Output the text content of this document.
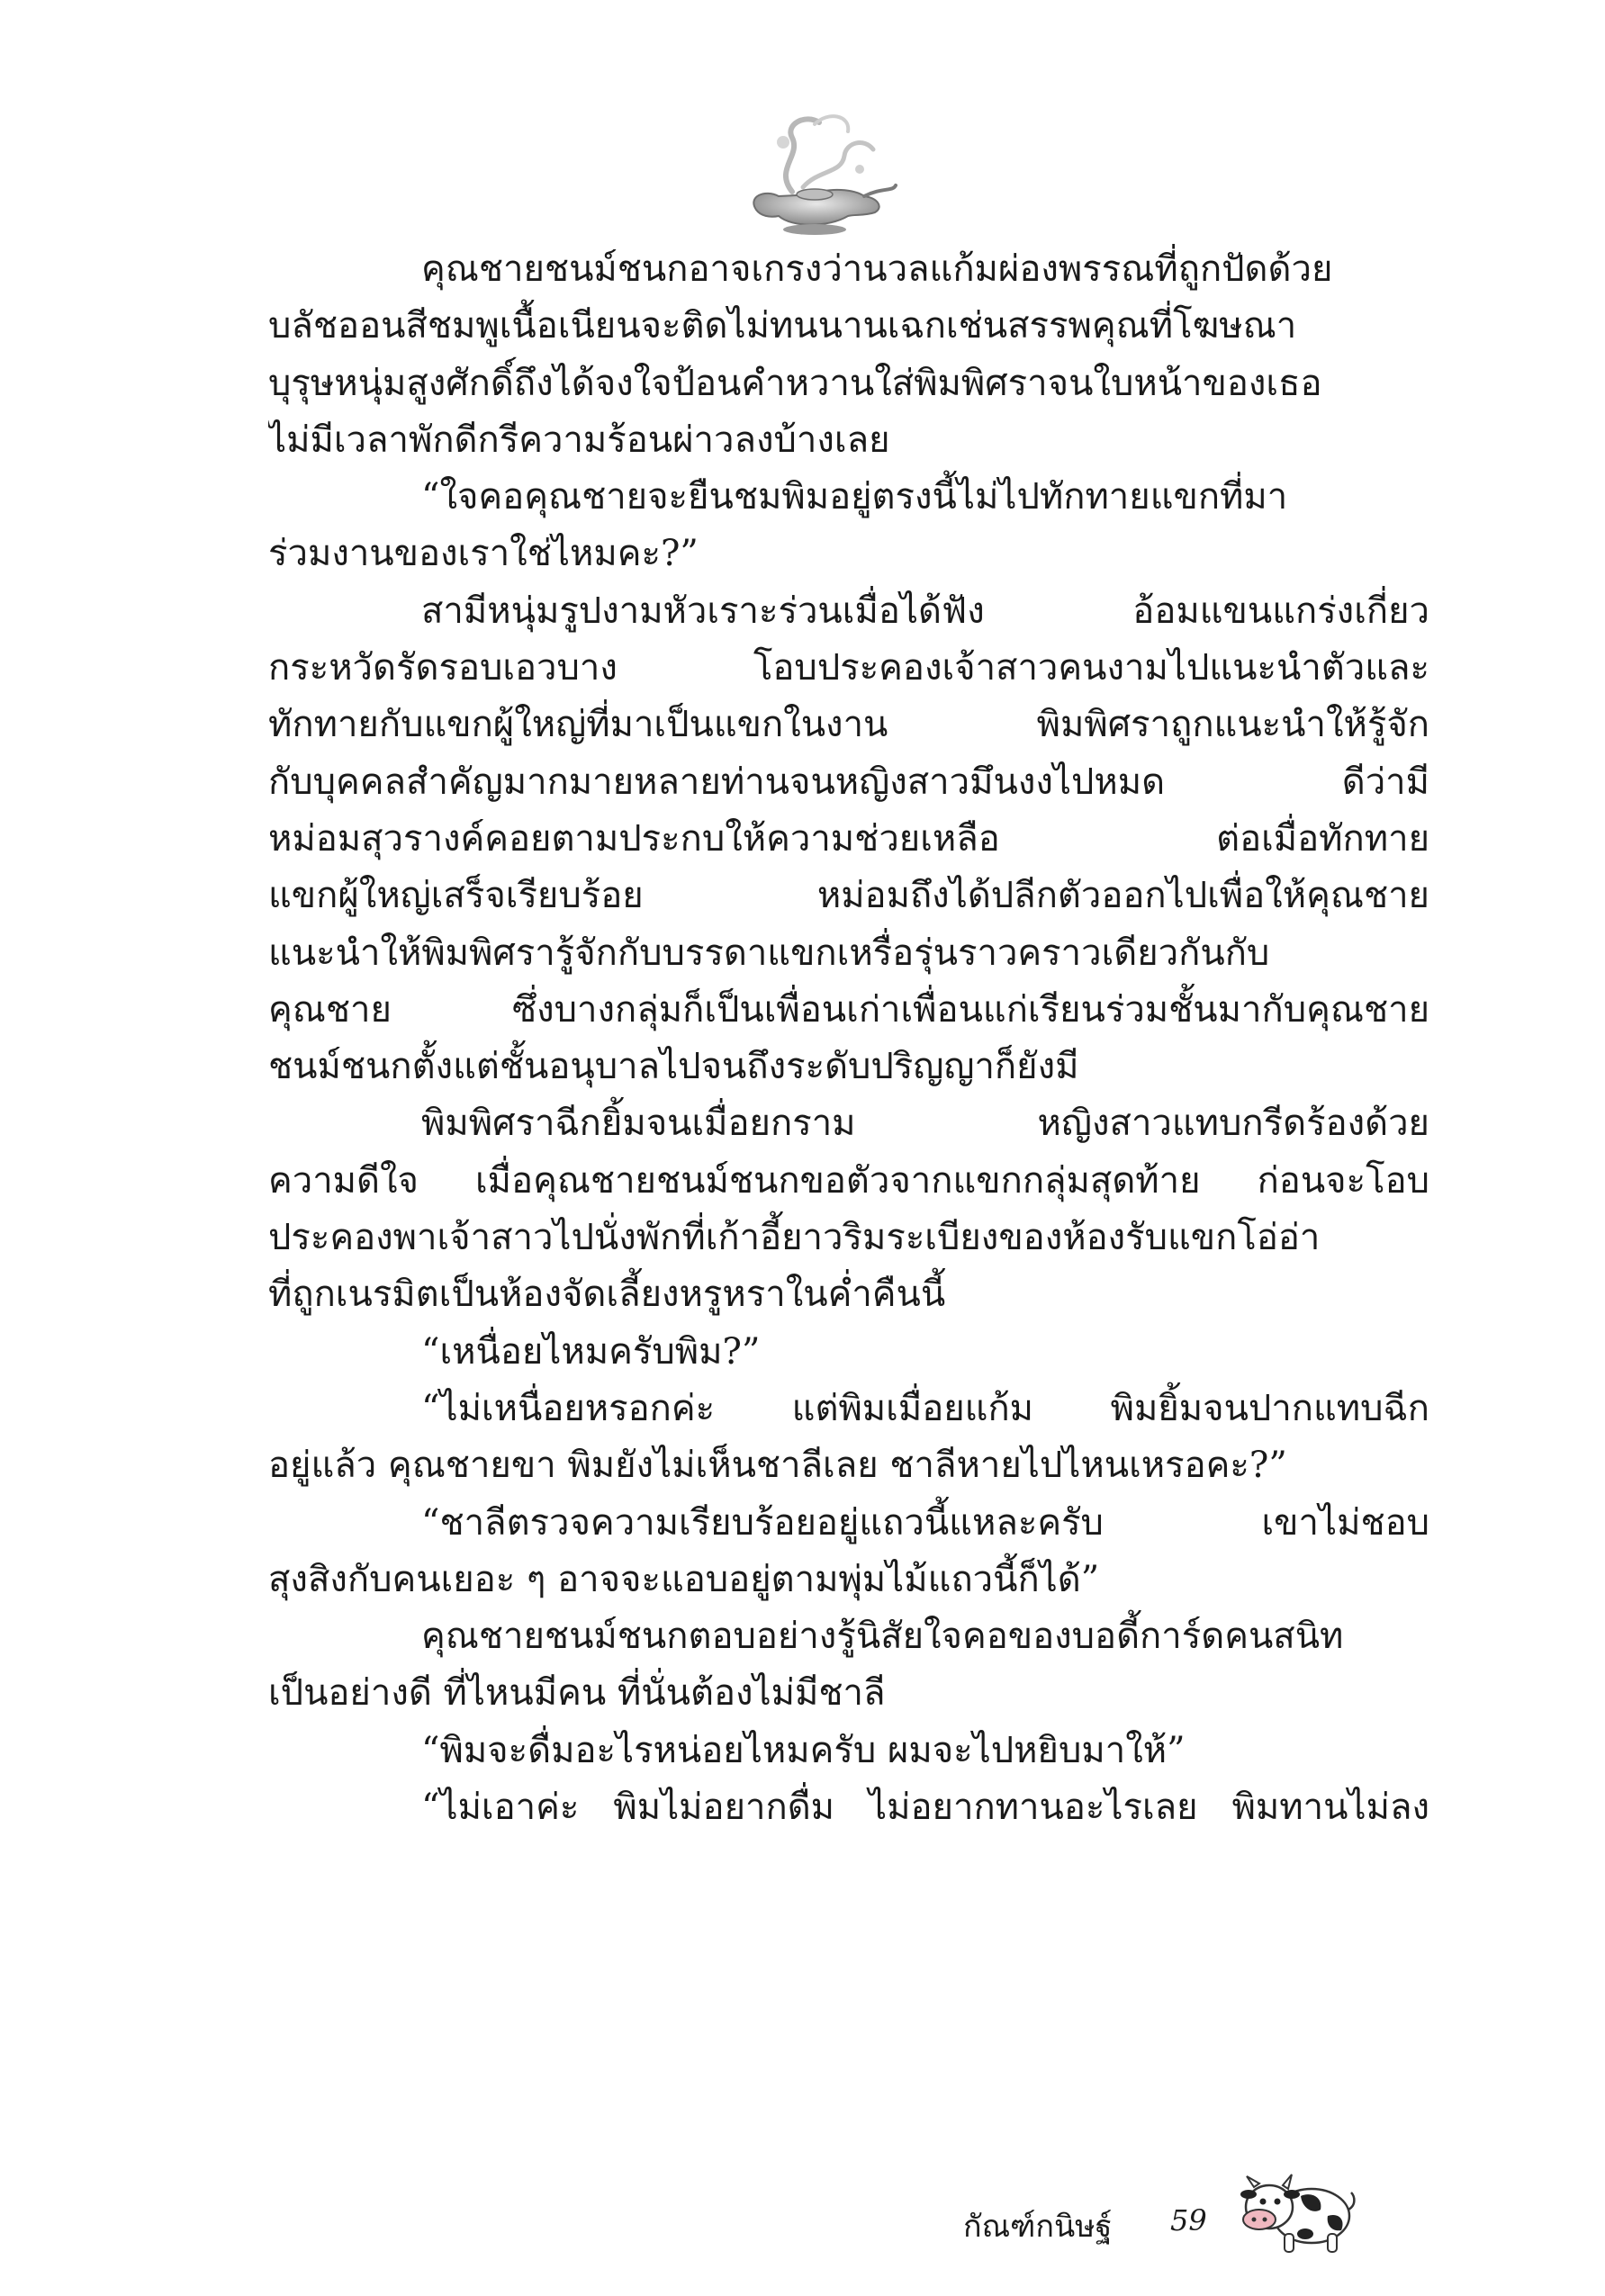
คุณชายชนม์ชนกอาจเกรงว่านวลแก้มผ่องพรรณที่ถูกปัดด้วย
บลัชออนสีชมพูเนื้อเนียนจะติดไม่ทนนานเฉกเช่นสรรพคุณที่โฆษณา
บุรุษหนุ่มสูงศักดิ์ถึงได้จงใจป้อนคำหวานใส่พิมพิศราจนใบหน้าของเธอ
ไม่มีเวลาพักดีกรีความร้อนผ่าวลงบ้างเลย
“ใจคอคุณชายจะยืนชมพิมอยู่ตรงนี้ไม่ไปทักทายแขกที่มา
ร่วมงานของเราใช่ไหมคะ?”
สามีหนุ่มรูปงามหัวเราะร่วนเมื่อได้ฟัง อ้อมแขนแกร่งเกี่ยว
กระหวัดรัดรอบเอวบาง โอบประคองเจ้าสาวคนงามไปแนะนำตัวและ
ทักทายกับแขกผู้ใหญ่ที่มาเป็นแขกในงาน พิมพิศราถูกแนะนำให้รู้จัก
กับบุคคลสำคัญมากมายหลายท่านจนหญิงสาวมึนงงไปหมด ดีว่ามี
หม่อมสุวรางค์คอยตามประกบให้ความช่วยเหลือ ต่อเมื่อทักทาย
แขกผู้ใหญ่เสร็จเรียบร้อย หม่อมถึงได้ปลีกตัวออกไปเพื่อให้คุณชาย
แนะนำให้พิมพิศรารู้จักกับบรรดาแขกเหรื่อรุ่นราวคราวเดียวกันกับ
คุณชาย ซึ่งบางกลุ่มก็เป็นเพื่อนเก่าเพื่อนแก่เรียนร่วมชั้นมากับคุณชาย
ชนม์ชนกตั้งแต่ชั้นอนุบาลไปจนถึงระดับปริญญาก็ยังมี
พิมพิศราฉีกยิ้มจนเมื่อยกราม หญิงสาวแทบกรีดร้องด้วย
ความดีใจ เมื่อคุณชายชนม์ชนกขอตัวจากแขกกลุ่มสุดท้าย ก่อนจะโอบ
ประคองพาเจ้าสาวไปนั่งพักที่เก้าอี้ยาวริมระเบียงของห้องรับแขกโอ่อ่า
ที่ถูกเนรมิตเป็นห้องจัดเลี้ยงหรูหราในค่ำคืนนี้
“เหนื่อยไหมครับพิม?”
“ไม่เหนื่อยหรอกค่ะ แต่พิมเมื่อยแก้ม พิมยิ้มจนปากแทบฉีก
อยู่แล้ว คุณชายขา พิมยังไม่เห็นชาลีเลย ชาลีหายไปไหนเหรอคะ?”
“ชาลีตรวจความเรียบร้อยอยู่แถวนี้แหละครับ เขาไม่ชอบ
สุงสิงกับคนเยอะ ๆ อาจจะแอบอยู่ตามพุ่มไม้แถวนี้ก็ได้”
คุณชายชนม์ชนกตอบอย่างรู้นิสัยใจคอของบอดี้การ์ดคนสนิท
เป็นอย่างดี ที่ไหนมีคน ที่นั่นต้องไม่มีชาลี
“พิมจะดื่มอะไรหน่อยไหมครับ ผมจะไปหยิบมาให้”
“ไม่เอาค่ะ พิมไม่อยากดื่ม ไม่อยากทานอะไรเลย พิมทานไม่ลง
กัณฑ์กนิษฐ์ 59
